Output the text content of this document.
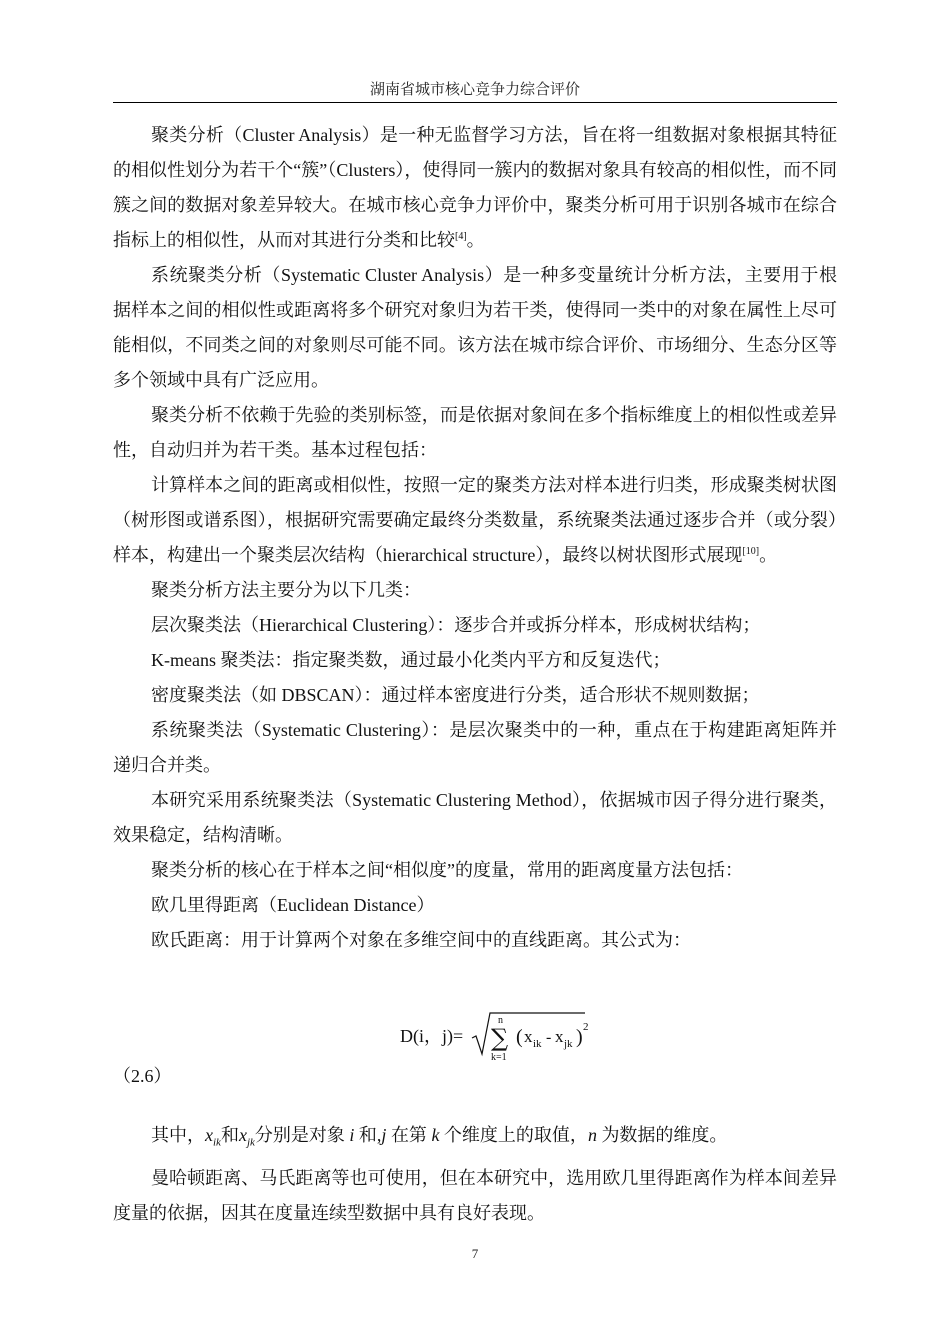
湖南省城市核心竞争力综合评价

聚类分析（Cluster Analysis）是一种无监督学习方法，旨在将一组数据对象根据其特征的相似性划分为若干个“簇”（Clusters），使得同一簇内的数据对象具有较高的相似性，而不同簇之间的数据对象差异较大。在城市核心竞争力评价中，聚类分析可用于识别各城市在综合指标上的相似性，从而对其进行分类和比较[4]。

系统聚类分析（Systematic Cluster Analysis）是一种多变量统计分析方法，主要用于根据样本之间的相似性或距离将多个研究对象归为若干类，使得同一类中的对象在属性上尽可能相似，不同类之间的对象则尽可能不同。该方法在城市综合评价、市场细分、生态分区等多个领域中具有广泛应用。

聚类分析不依赖于先验的类别标签，而是依据对象间在多个指标维度上的相似性或差异性，自动归并为若干类。基本过程包括：

计算样本之间的距离或相似性，按照一定的聚类方法对样本进行归类，形成聚类树状图（树形图或谱系图），根据研究需要确定最终分类数量，系统聚类法通过逐步合并（或分裂）样本，构建出一个聚类层次结构（hierarchical structure），最终以树状图形式展现[10]。

聚类分析方法主要分为以下几类：

层次聚类法（Hierarchical Clustering）：逐步合并或拆分样本，形成树状结构；

K-means 聚类法：指定聚类数，通过最小化类内平方和反复迭代；

密度聚类法（如 DBSCAN）：通过样本密度进行分类，适合形状不规则数据；

系统聚类法（Systematic Clustering）：是层次聚类中的一种，重点在于构建距离矩阵并递归合并类。

本研究采用系统聚类法（Systematic Clustering Method），依据城市因子得分进行聚类，效果稳定，结构清晰。

聚类分析的核心在于样本之间“相似度”的度量，常用的距离度量方法包括：

欧几里得距离（Euclidean Distance）

欧氏距离：用于计算两个对象在多维空间中的直线距离。其公式为：

D(i，j)=
n
∑
k=1
( x ik - x jk ) 2
（2.6）

其中，$x_{ik}$和$x_{jk}$分别是对象 i 和,j 在第 k 个维度上的取值，n 为数据的维度。

曼哈顿距离、马氏距离等也可使用，但在本研究中，选用欧几里得距离作为样本间差异度量的依据，因其在度量连续型数据中具有良好表现。

7
